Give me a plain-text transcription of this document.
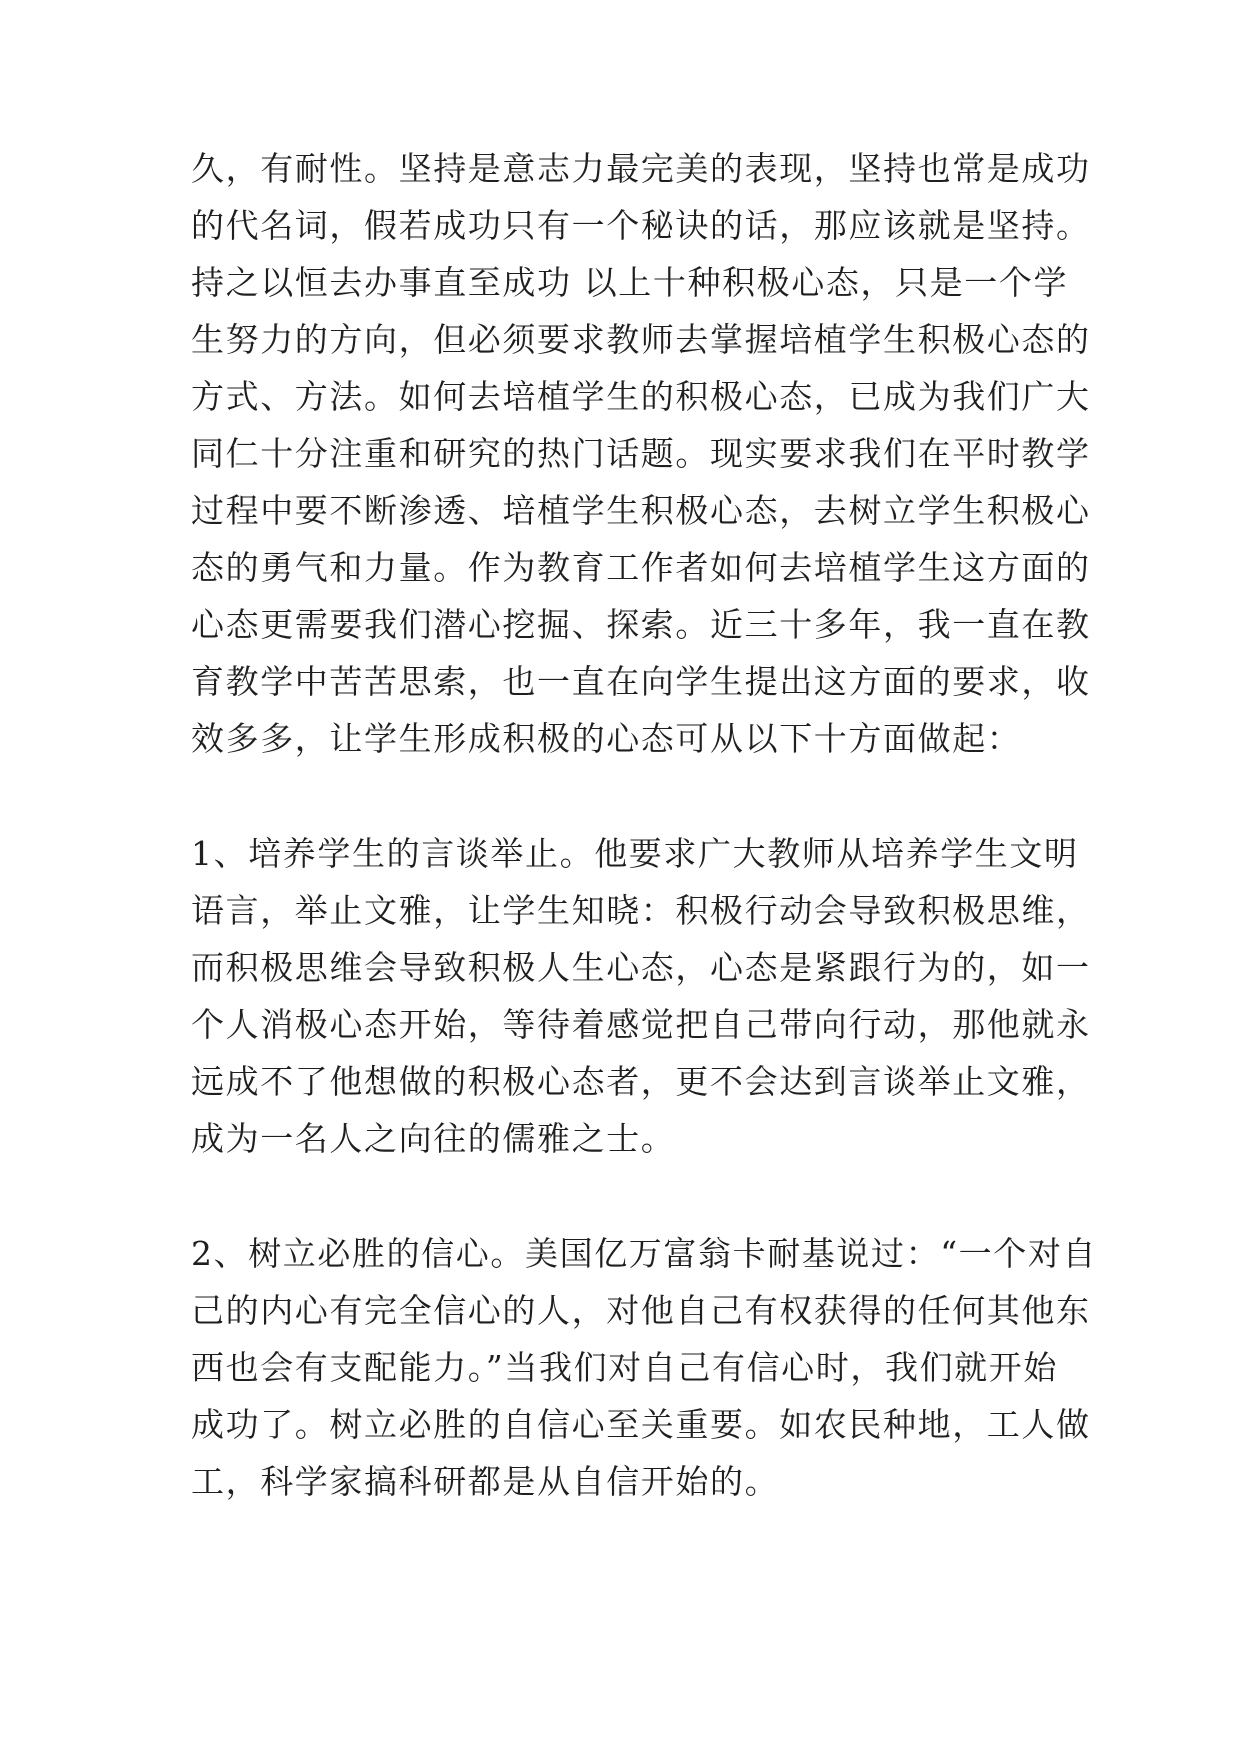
久，有耐性。坚持是意志力最完美的表现，坚持也常是成功
的代名词，假若成功只有一个秘诀的话，那应该就是坚持。
持之以恒去办事直至成功 以上十种积极心态，只是一个学
生努力的方向，但必须要求教师去掌握培植学生积极心态的
方式、方法。如何去培植学生的积极心态，已成为我们广大
同仁十分注重和研究的热门话题。现实要求我们在平时教学
过程中要不断渗透、培植学生积极心态，去树立学生积极心
态的勇气和力量。作为教育工作者如何去培植学生这方面的
心态更需要我们潜心挖掘、探索。近三十多年，我一直在教
育教学中苦苦思索，也一直在向学生提出这方面的要求，收
效多多，让学生形成积极的心态可从以下十方面做起：
1、培养学生的言谈举止。他要求广大教师从培养学生文明
语言，举止文雅，让学生知晓：积极行动会导致积极思维，
而积极思维会导致积极人生心态，心态是紧跟行为的，如一
个人消极心态开始，等待着感觉把自己带向行动，那他就永
远成不了他想做的积极心态者，更不会达到言谈举止文雅，
成为一名人之向往的儒雅之士。
2、树立必胜的信心。美国亿万富翁卡耐基说过：“一个对自
己的内心有完全信心的人，对他自己有权获得的任何其他东
西也会有支配能力。”当我们对自己有信心时，我们就开始
成功了。树立必胜的自信心至关重要。如农民种地，工人做
工，科学家搞科研都是从自信开始的。
